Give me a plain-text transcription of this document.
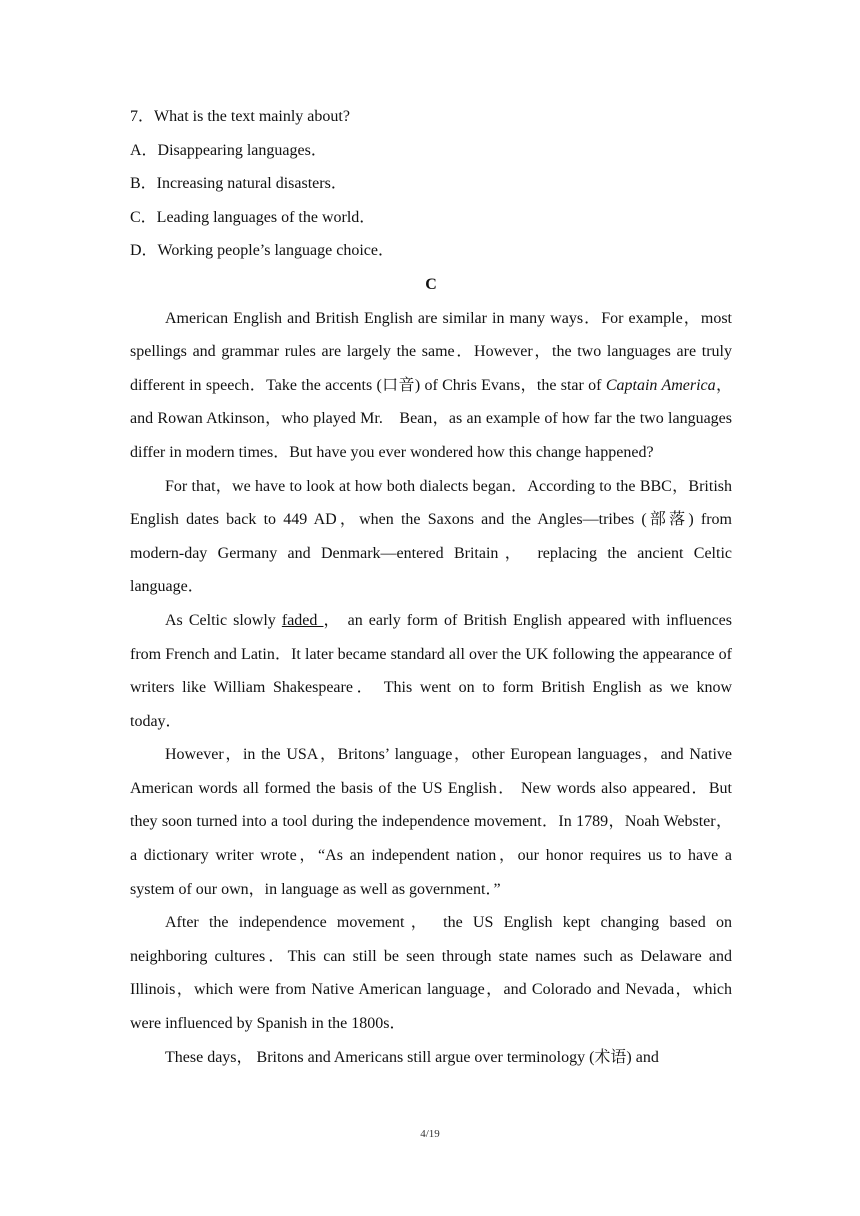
7．What is the text mainly about?
A．Disappearing languages．
B．Increasing natural disasters．
C．Leading languages of the world．
D．Working people’s language choice．
C

American English and British English are similar in many ways．For example，most spellings and grammar rules are largely the same．However，the two languages are truly different in speech．Take the accents (口音) of Chris Evans，the star of Captain America，and Rowan Atkinson，who played Mr.　Bean，as an example of how far the two languages differ in modern times．But have you ever wondered how this change happened?

For that，we have to look at how both dialects began．According to the BBC，British English dates back to 449 AD，when the Saxons and the Angles—tribes (部落) from modern-day Germany and Denmark—entered Britain， replacing the ancient Celtic language．

As Celtic slowly faded ， an early form of British English appeared with influences from French and Latin．It later became standard all over the UK following the appearance of writers like William Shakespeare． This went on to form British English as we know today．

However，in the USA，Britons’ language，other European languages，and Native American words all formed the basis of the US English． New words also appeared．But they soon turned into a tool during the independence movement．In 1789，Noah Webster，a dictionary writer wrote，“As an independent nation，our honor requires us to have a system of our own，in language as well as government．”

After the independence movement， the US English kept changing based on neighboring cultures．This can still be seen through state names such as Delaware and Illinois，which were from Native American language，and Colorado and Nevada，which were influenced by Spanish in the 1800s．

These days， Britons and Americans still argue over terminology (术语) and

4/19
